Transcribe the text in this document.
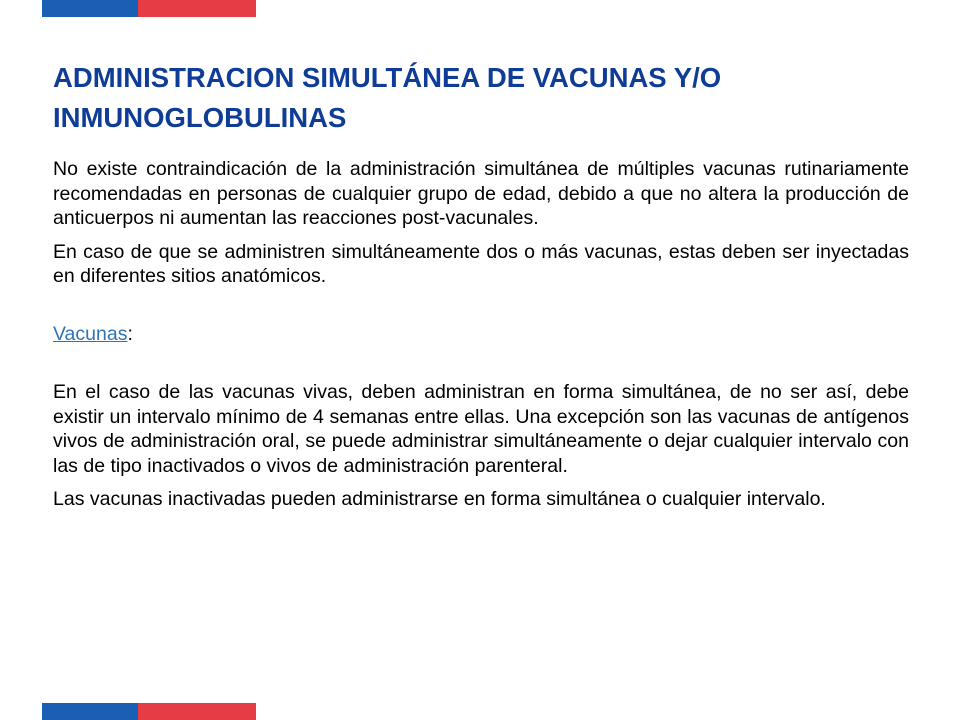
ADMINISTRACION SIMULTÁNEA DE VACUNAS Y/O INMUNOGLOBULINAS

No existe contraindicación de la administración simultánea de múltiples vacunas rutinariamente recomendadas en personas de cualquier grupo de edad, debido a que no altera la producción de anticuerpos ni aumentan las reacciones post-vacunales.

En caso de que se administren simultáneamente dos o más vacunas, estas deben ser inyectadas en diferentes sitios anatómicos.

Vacunas:

En el caso de las vacunas vivas, deben administran en forma simultánea, de no ser así, debe existir un intervalo mínimo de 4 semanas entre ellas. Una excepción son las vacunas de antígenos vivos de administración oral, se puede administrar simultáneamente o dejar cualquier intervalo con las de tipo inactivados o vivos de administración parenteral.

Las vacunas inactivadas pueden administrarse en forma simultánea o cualquier intervalo.
